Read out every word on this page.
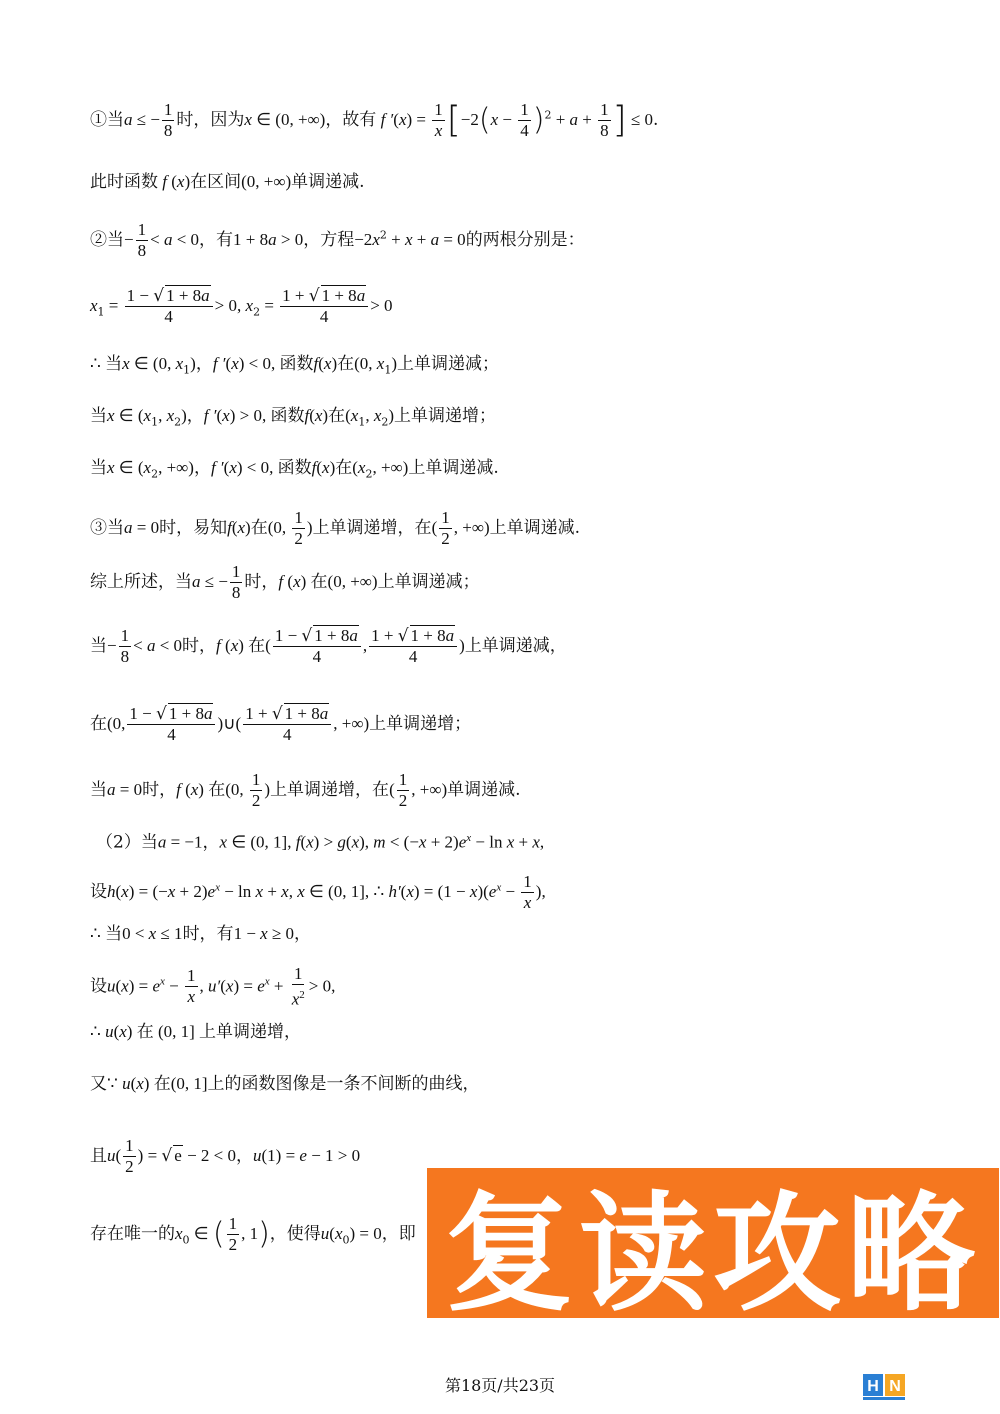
①当a ≤ − $\frac{1}{8}$ 时，因为x ∈ (0, +∞)，故有 f $'(x) = \frac{1}{x} [-2(x - \frac{1}{4} )^2 + a + \frac{1}{8}$ ] ≤ 0.
此时函数 f (x)在区间(0, +∞)单调递减.
②当− $\frac{1}{8} < a < 0$，有1 + 8a > 0，方程$-2x^2 + x + a = 0$的两根分别是：
$x_1 = \frac{1 - √ 1 + 8a}{4} > 0$, $x_2 = \frac{1 + √ 1 + 8a}{4} > 0$
∴ 当x ∈ (0, $x_1$)，f ′(x) < 0, 函数f(x)在(0, $x_1$)上单调递减；
当x ∈ ($x_1$, $x_2$)，f ′(x) > 0, 函数f(x)在($x_1$, $x_2$)上单调递增；
当x ∈ ($x_2$, +∞)，f ′(x) < 0, 函数f(x)在($x_2$, +∞)上单调递减.
③当a = 0时，易知f(x)在(0, $\frac{1}{2}$ )上单调递增，在( $\frac{1}{2}$ , +∞)上单调递减.
综上所述，当a ≤ − $\frac{1}{8}$ 时，f (x) 在(0, +∞)上单调递减；
当− $\frac{1}{8} < a < 0$时，f (x) 在( $\frac{1 - √ 1 + 8a}{4}$ , $\frac{1 + √ 1 + 8a}{4}$ )上单调递减，
在(0, $\frac{1 - √ 1 + 8a}{4}$ )∪( $\frac{1 + √ 1 + 8a}{4}$ , +∞)上单调递增；
当a = 0时，f (x) 在(0, $\frac{1}{2}$ )上单调递增，在( $\frac{1}{2}$ , +∞)单调递减.
（2）当a = −1，x ∈ (0, 1], f(x) > g(x), $m < (-x + 2)e^x - \ln x + x$,
设$h(x) = (-x + 2)e^x - \ln x + x$, x ∈ (0, 1], ∴ $h'(x) = (1 - x)(e^x - \frac{1}{x}$ ),
∴ 当0 < x ≤ 1时，有1 − x ≥ 0，
设$u(x) = e^x - \frac{1}{x}$ , $u'(x) = e^x + \frac{1}{x^2} > 0$,
∴ u(x) 在 (0, 1] 上单调递增，
又∵ u(x) 在(0, 1]上的函数图像是一条不间断的曲线，
且$u( \frac{1}{2}$ ) = √ e − 2 < 0，u(1) = e − 1 > 0
存在唯一的$x_0$ ∈ ( $\frac{1}{2}$ , 1)，使得$u(x_0) = 0$，即 复读攻略
第18页/共23页	H N
